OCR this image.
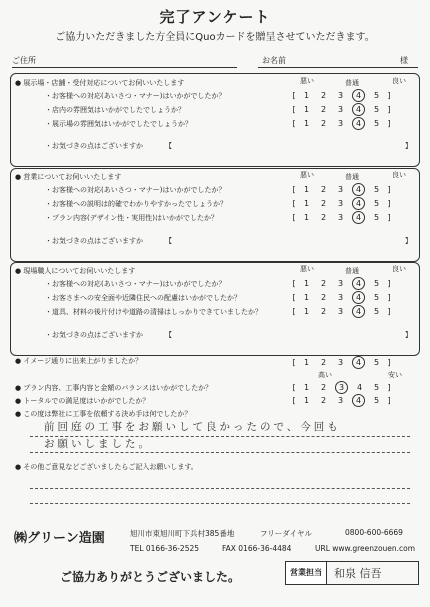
完了アンケート
ご協力いただきました方全員にQuoカードを贈呈させていただきます。
ご住所	お名前	様
● 展示場・店舗・受付対応についてお伺いいたします	悪い	普通	良い
・お客様への対応(あいさつ・マナー)はいかがでしたか？	[ 1 2 3 4 5 ]
・店内の雰囲気はいかがでしたでしょうか？	[ 1 2 3 4 5 ]
・展示場の雰囲気はいかがでしたでしょうか？	[ 1 2 3 4 5 ]
・お気づきの点はございますか	【	】
● 営業についてお伺いいたします	悪い	普通	良い
・お客様への対応(あいさつ・マナー)はいかがでしたか？	[ 1 2 3 4 5 ]
・お客様への説明は的確でわかりやすかったでしょうか？	[ 1 2 3 4 5 ]
・プラン内容(デザイン性・実用性)はいかがでしたか？	[ 1 2 3 4 5 ]
・お気づきの点はございますか	【	】
● 現場職人についてお伺いいたします	悪い	普通	良い
・お客様への対応(あいさつ・マナー)はいかがでしたか？	[ 1 2 3 4 5 ]
・お客さまへの安全面や近隣住民への配慮はいかがでしたか？	[ 1 2 3 4 5 ]
・道具、材料の後片付けや道路の清掃はしっかりできていましたか？	[ 1 2 3 4 5 ]
・お気づきの点はございますか	【	】
● イメージ通りに出来上がりましたか？	[ 1 2 3 4 5 ]
高い	安い
● プラン内容、工事内容と金額のバランスはいかがでしたか？	[ 1 2 3 4 5 ]
● トータルでの満足度はいかがでしたか？	[ 1 2 3 4 5 ]
● この度は弊社に工事を依頼する決め手は何でしたか？
前回庭の工事をお願いして良かったので、今回も
お願いしました。
● その他ご意見などございましたらご記入お願いします。
㈱グリーン造園	旭川市東旭川町下兵村385番地	フリーダイヤル	0800-600-6669
TEL 0166-36-2525	FAX 0166-36-4484	URL www.greenzouen.com
ご協力ありがとうございました。	営業担当	和泉 信吾
